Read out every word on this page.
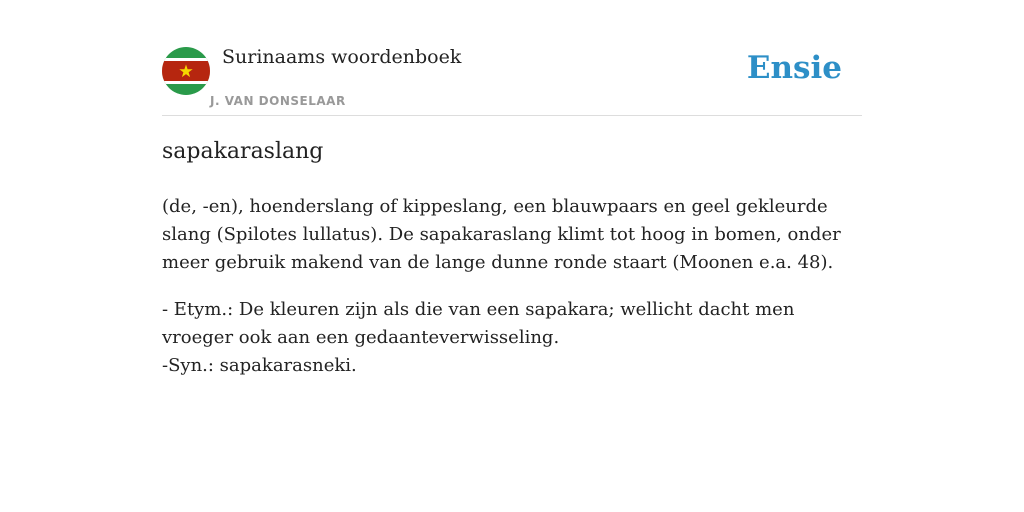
Surinaams woordenboek
J. VAN DONSELAAR
Ensie
sapakaraslang

(de, -en), hoenderslang of kippeslang, een blauwpaars en geel gekleurde slang (Spilotes lullatus). De sapakaraslang klimt tot hoog in bomen, onder meer gebruik makend van de lange dunne ronde staart (Moonen e.a. 48).

- Etym.: De kleuren zijn als die van een sapakara; wellicht dacht men vroeger ook aan een gedaanteverwisseling.
-Syn.: sapakarasneki.
